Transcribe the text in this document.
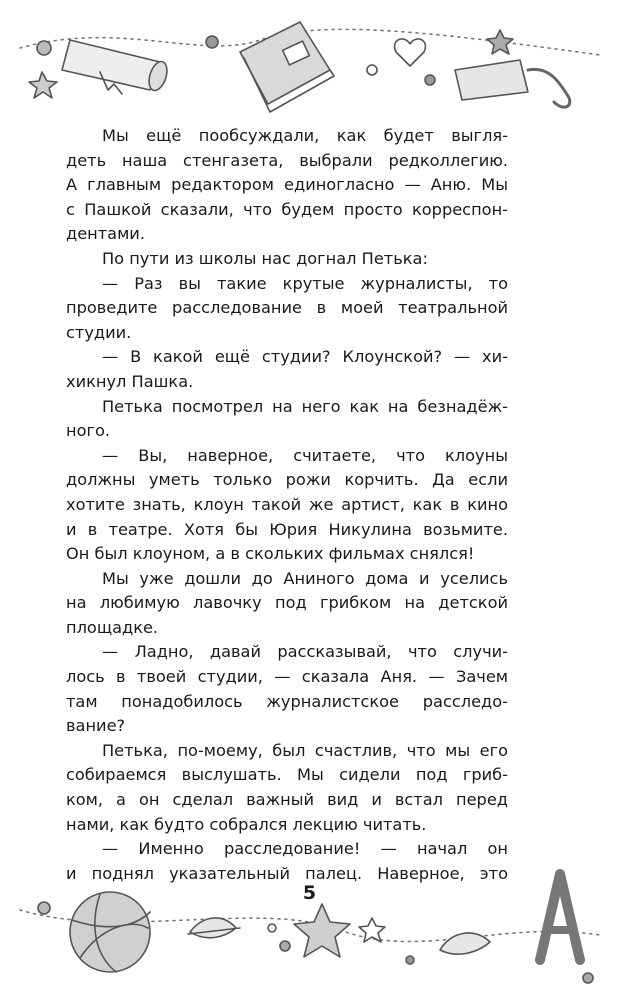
Мы ещё пообсуждали, как будет выгля-
деть наша стенгазета, выбрали редколлегию.
А главным редактором единогласно — Аню. Мы
с Пашкой сказали, что будем просто корреспон-
дентами.
По пути из школы нас догнал Петька:
— Раз вы такие крутые журналисты, то
проведите расследование в моей театральной
студии.
— В какой ещё студии? Клоунской? — хи-
хикнул Пашка.
Петька посмотрел на него как на безнадёж-
ного.
— Вы, наверное, считаете, что клоуны
должны уметь только рожи корчить. Да если
хотите знать, клоун такой же артист, как в кино
и в театре. Хотя бы Юрия Никулина возьмите.
Он был клоуном, а в скольких фильмах снялся!
Мы уже дошли до Аниного дома и уселись
на любимую лавочку под грибком на детской
площадке.
— Ладно, давай рассказывай, что случи-
лось в твоей студии, — сказала Аня. — Зачем
там понадобилось журналистское расследо-
вание?
Петька, по-моему, был счастлив, что мы его
собираемся выслушать. Мы сидели под гриб-
ком, а он сделал важный вид и встал перед
нами, как будто собрался лекцию читать.
— Именно расследование! — начал он
и поднял указательный палец. Наверное, это
5
